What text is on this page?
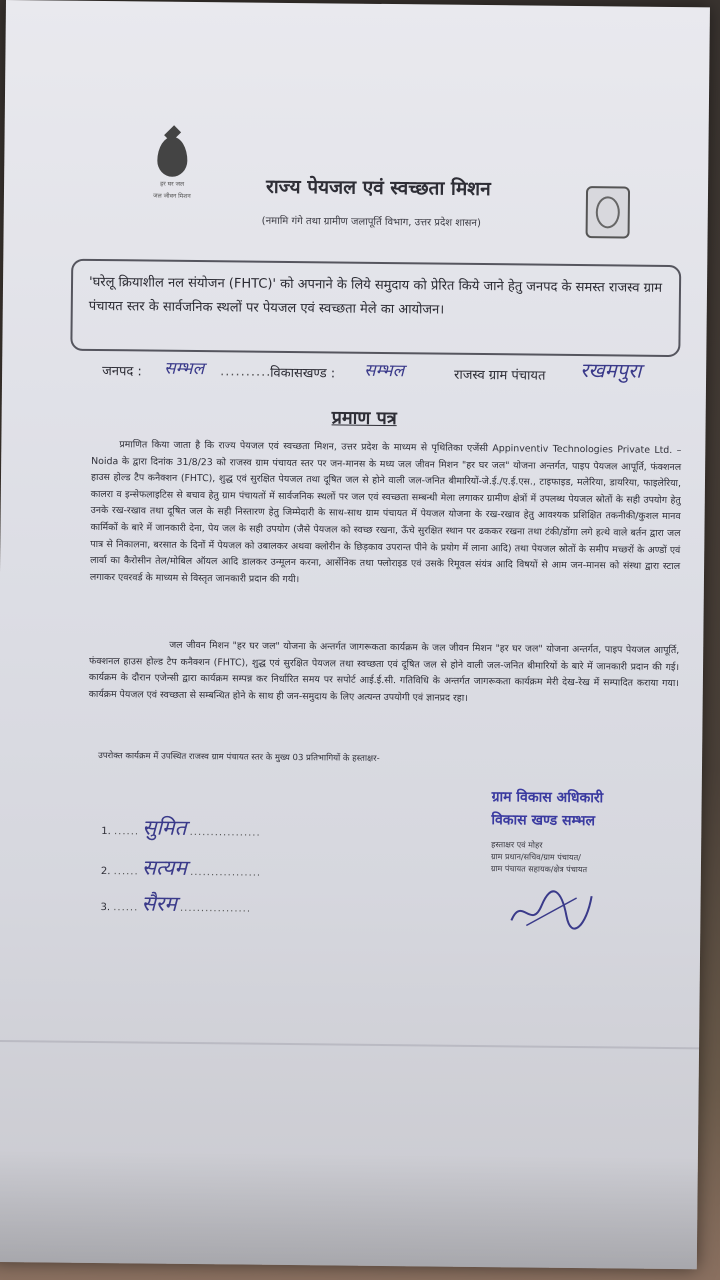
हर घर जल
जल जीवन मिशन	राज्य पेयजल एवं स्वच्छता मिशन
(नमामि गंगे तथा ग्रामीण जलापूर्ति विभाग, उत्तर प्रदेश शासन)
'घरेलू क्रियाशील नल संयोजन (FHTC)' को अपनाने के लिये समुदाय को प्रेरित किये जाने हेतु जनपद के समस्त राजस्व ग्राम पंचायत स्तर के सार्वजनिक स्थलों पर पेयजल एवं स्वच्छता मेले का आयोजन।
जनपद : सम्भल ..........
विकासखण्ड : सम्भल	राजस्व ग्राम पंचायत रखमपुरा
प्रमाण पत्र
प्रमाणित किया जाता है कि राज्य पेयजल एवं स्वच्छता मिशन, उत्तर प्रदेश के माध्यम से पृथितिका एजेंसी Appinventiv Technologies Private Ltd. – Noida के द्वारा दिनांक 31/8/23 को राजस्व ग्राम पंचायत स्तर पर जन-मानस के मध्य जल जीवन मिशन "हर घर जल" योजना अन्तर्गत, पाइप पेयजल आपूर्ति, फंक्शनल हाउस होल्ड टैप कनैक्शन (FHTC), शुद्ध एवं सुरक्षित पेयजल तथा दूषित जल से होने वाली जल-जनित बीमारियों-जे.ई./ए.ई.एस., टाइफाइड, मलेरिया, डायरिया, फाइलेरिया, कालरा व इन्सेफलाइटिस से बचाव हेतु ग्राम पंचायतों में सार्वजनिक स्थलों पर जल एवं स्वच्छता सम्बन्धी मेला लगाकर ग्रामीण क्षेत्रों में उपलब्ध पेयजल स्रोतों के सही उपयोग हेतु उनके रख-रखाव तथा दूषित जल के सही निस्तारण हेतु जिम्मेदारी के साथ-साथ ग्राम पंचायत में पेयजल योजना के रख-रखाव हेतु आवश्यक प्रशिक्षित तकनीकी/कुशल मानव कार्मिकों के बारे में जानकारी देना, पेय जल के सही उपयोग (जैसे पेयजल को स्वच्छ रखना, ऊँचे सुरक्षित स्थान पर ढककर रखना तथा टंकी/डोंगा लगे हत्थे वाले बर्तन द्वारा जल पात्र से निकालना, बरसात के दिनों में पेयजल को उबालकर अथवा क्लोरीन के छिड़काव उपरान्त पीने के प्रयोग में लाना आदि) तथा पेयजल स्रोतों के समीप मच्छरों के अण्डों एवं लार्वा का कैरोसीन तेल/मोबिल ऑयल आदि डालकर उन्मूलन करना, आर्सेनिक तथा फ्लोराइड एवं उसके रिमूवल संयंत्र आदि विषयों से आम जन-मानस को संस्था द्वारा स्टाल लगाकर एवरवर्ड के माध्यम से विस्तृत जानकारी प्रदान की गयी।
जल जीवन मिशन "हर घर जल" योजना के अन्तर्गत जागरूकता कार्यक्रम के जल जीवन मिशन "हर घर जल" योजना अन्तर्गत, पाइप पेयजल आपूर्ति, फंक्शनल हाउस होल्ड टैप कनैक्शन (FHTC), शुद्ध एवं सुरक्षित पेयजल तथा स्वच्छता एवं दूषित जल से होने वाली जल-जनित बीमारियों के बारे में जानकारी प्रदान की गई। कार्यक्रम के दौरान एजेन्सी द्वारा कार्यक्रम सम्पन्न कर निर्धारित समय पर सपोर्ट आई.ई.सी. गतिविधि के अन्तर्गत जागरूकता कार्यक्रम मेरी देख-रेख में सम्पादित कराया गया। कार्यक्रम पेयजल एवं स्वच्छता से सम्बन्धित होने के साथ ही जन-समुदाय के लिए अत्यन्त उपयोगी एवं ज्ञानप्रद रहा।
उपरोक्त कार्यक्रम में उपस्थित राजस्व ग्राम पंचायत स्तर के मुख्य 03 प्रतिभागियों के हस्ताक्षर-
1. ...... सुमित .................
2. ...... सत्यम .................
3. ...... सैरम .................
ग्राम विकास अधिकारी
विकास खण्ड सम्भल
हस्ताक्षर एवं मोहर
ग्राम प्रधान/सचिव/ग्राम पंचायत/
ग्राम पंचायत सहायक/क्षेत्र पंचायत
